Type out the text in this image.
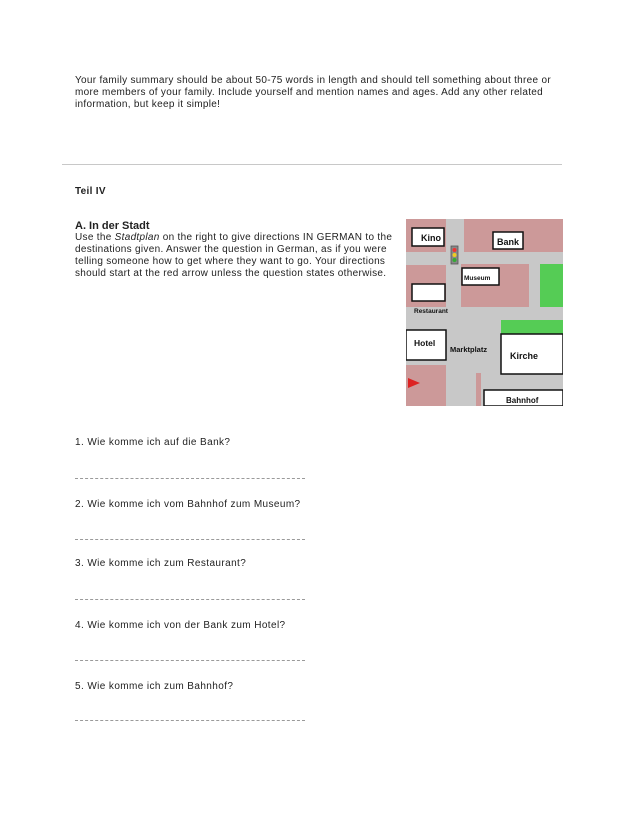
Your family summary should be about 50-75 words in length and should tell something about three or more members of your family. Include yourself and mention names and ages. Add any other related information, but keep it simple!
Teil IV
A. In der Stadt
Use the Stadtplan on the right to give directions IN GERMAN to the destinations given. Answer the question in German, as if you were telling someone how to get where they want to go. Your directions should start at the red arrow unless the question states otherwise.
Kino	Bank
Museum
Restaurant
Hotel
Marktplatz
Kirche
Bahnhof
1. Wie komme ich auf die Bank?
2. Wie komme ich vom Bahnhof zum Museum?
3. Wie komme ich zum Restaurant?
4. Wie komme ich von der Bank zum Hotel?
5. Wie komme ich zum Bahnhof?
